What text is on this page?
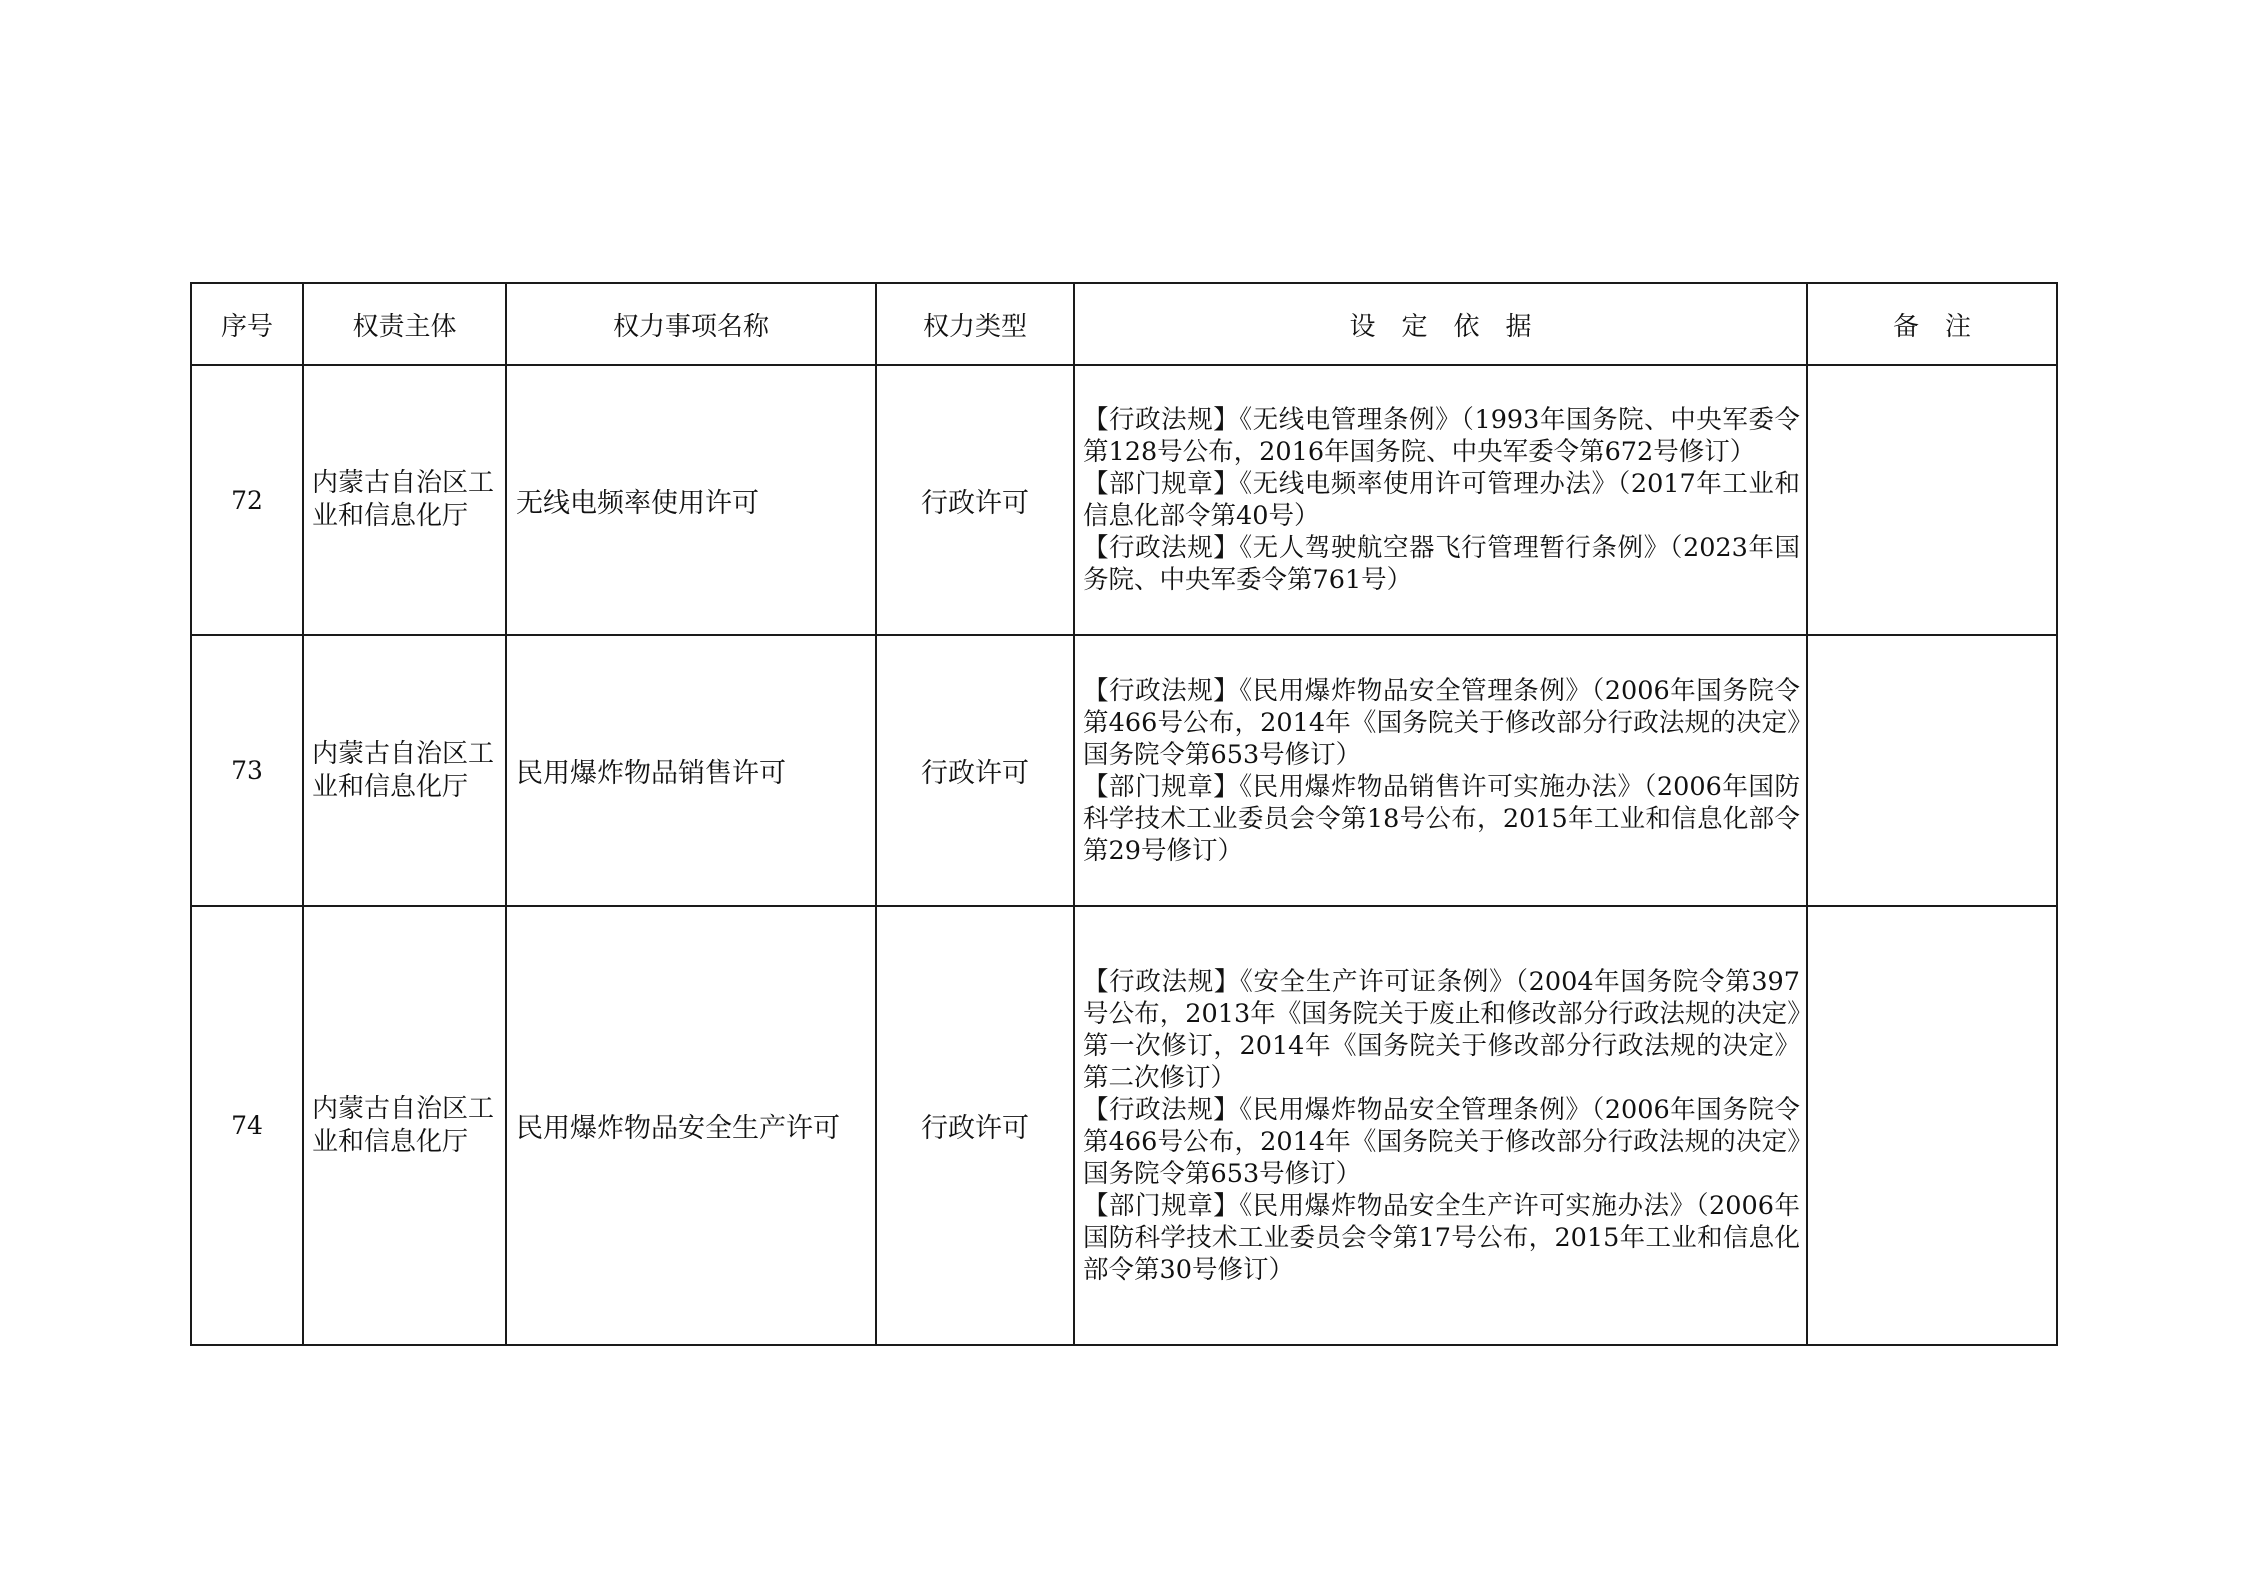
序号	权责主体	权力事项名称	权力类型	设　定　依　据	备　注
72	内蒙古自治区工业和信息化厅	无线电频率使用许可	行政许可	【行政法规】《无线电管理条例》（1993年国务院、中央军委令第128号公布，2016年国务院、中央军委令第672号修订）
【部门规章】《无线电频率使用许可管理办法》（2017年工业和信息化部令第40号）
【行政法规】《无人驾驶航空器飞行管理暂行条例》（2023年国务院、中央军委令第761号）	

73	内蒙古自治区工业和信息化厅	民用爆炸物品销售许可	行政许可	【行政法规】《民用爆炸物品安全管理条例》（2006年国务院令第466号公布，2014年《国务院关于修改部分行政法规的决定》国务院令第653号修订）
【部门规章】《民用爆炸物品销售许可实施办法》（2006年国防科学技术工业委员会令第18号公布，2015年工业和信息化部令第29号修订）	

74	内蒙古自治区工业和信息化厅	民用爆炸物品安全生产许可	行政许可	【行政法规】《安全生产许可证条例》（2004年国务院令第397号公布，2013年《国务院关于废止和修改部分行政法规的决定》第一次修订，2014年《国务院关于修改部分行政法规的决定》第二次修订）
【行政法规】《民用爆炸物品安全管理条例》（2006年国务院令第466号公布，2014年《国务院关于修改部分行政法规的决定》国务院令第653号修订）
【部门规章】《民用爆炸物品安全生产许可实施办法》（2006年国防科学技术工业委员会令第17号公布，2015年工业和信息化部令第30号修订）	
